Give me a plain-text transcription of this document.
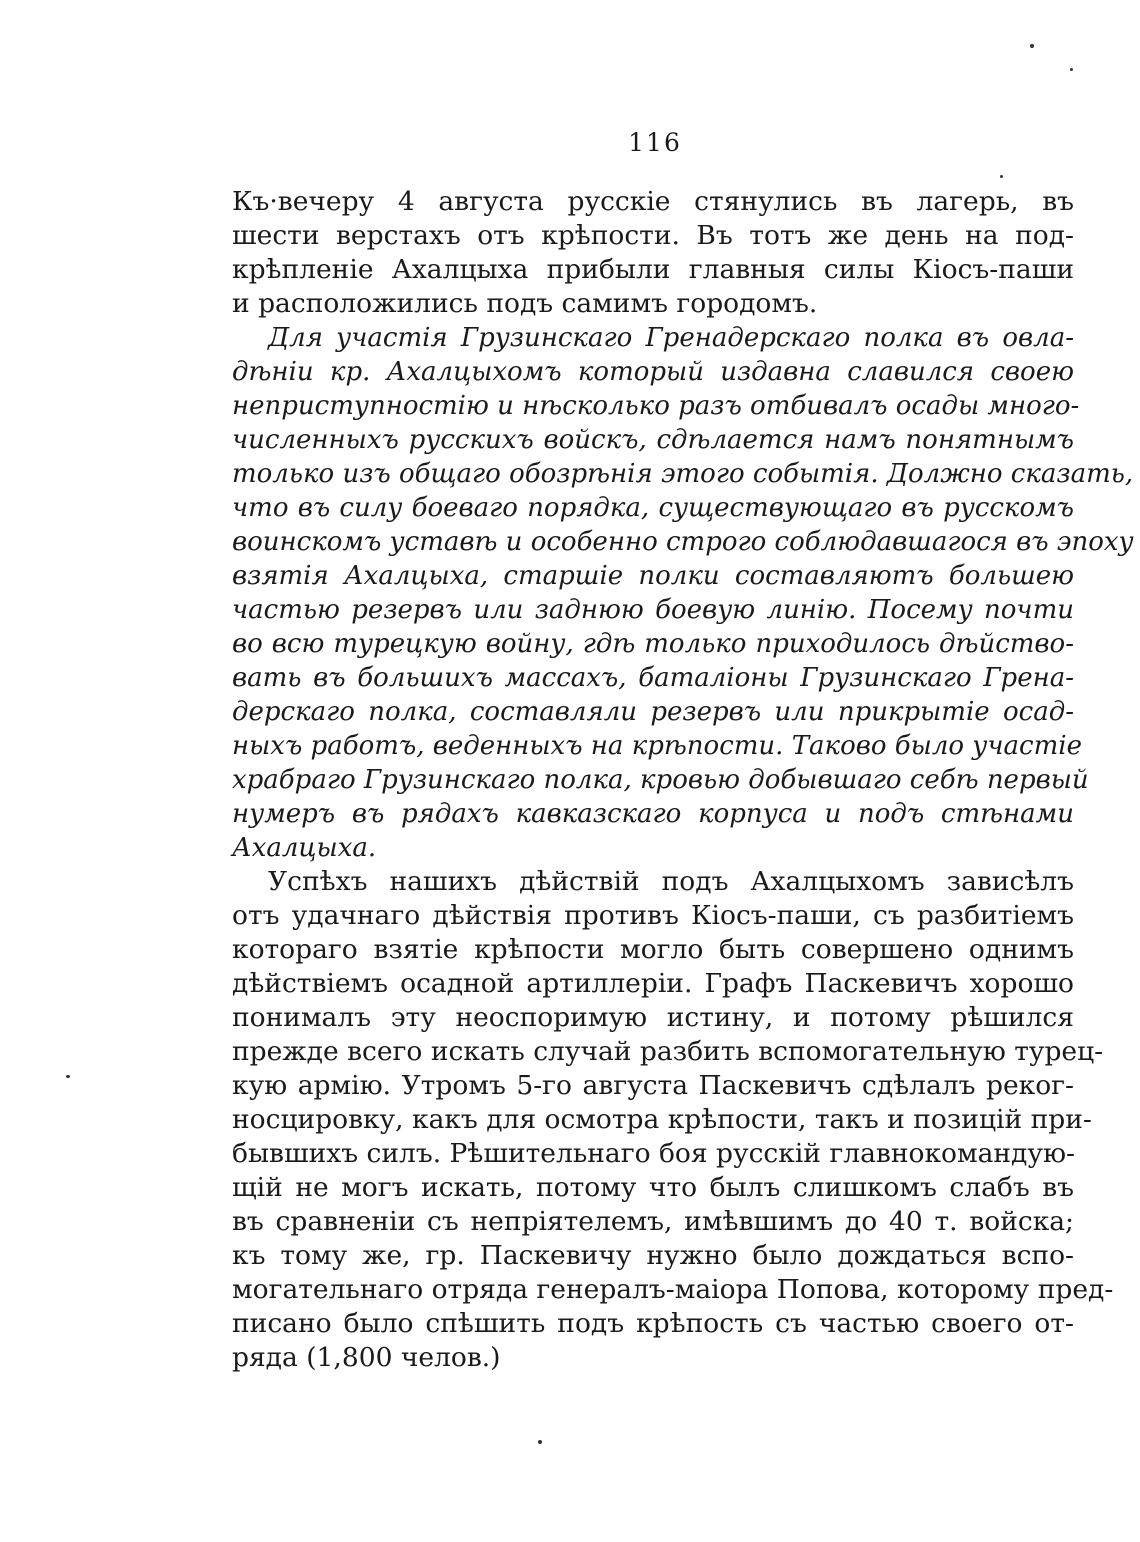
116
Къ·вечеру 4 августа русскіе стянулись въ лагерь, въ
шести верстахъ отъ крѣпости. Въ тотъ же день на под-
крѣпленіе Ахалцыха прибыли главныя силы Кіосъ-паши
и расположились подъ самимъ городомъ.
Для участія Грузинскаго Гренадерскаго полка въ овла-
дѣніи кр. Ахалцыхомъ который издавна славился своею
неприступностію и нѣсколько разъ отбивалъ осады много-
численныхъ русскихъ войскъ, сдѣлается намъ понятнымъ
только изъ общаго обозрѣнія этого событія. Должно сказать,
что въ силу боеваго порядка, существующаго въ русскомъ
воинскомъ уставѣ и особенно строго соблюдавшагося въ эпоху
взятія Ахалцыха, старшіе полки составляютъ большею
частью резервъ или заднюю боевую линію. Посему почти
во всю турецкую войну, гдѣ только приходилось дѣйство-
вать въ большихъ массахъ, баталіоны Грузинскаго Грена-
дерскаго полка, составляли резервъ или прикрытіе осад-
ныхъ работъ, веденныхъ на крѣпости. Таково было участіе
храбраго Грузинскаго полка, кровью добывшаго себѣ первый
нумеръ въ рядахъ кавказскаго корпуса и подъ стѣнами
Ахалцыха.
Успѣхъ нашихъ дѣйствій подъ Ахалцыхомъ зависѣлъ
отъ удачнаго дѣйствія противъ Кіосъ-паши, съ разбитіемъ
котораго взятіе крѣпости могло быть совершено однимъ
дѣйствіемъ осадной артиллеріи. Графъ Паскевичъ хорошо
понималъ эту неоспоримую истину, и потому рѣшился
прежде всего искать случай разбить вспомогательную турец-
кую армію. Утромъ 5-го августа Паскевичъ сдѣлалъ реког-
носцировку, какъ для осмотра крѣпости, такъ и позицій при-
бывшихъ силъ. Рѣшительнаго боя русскій главнокомандую-
щій не могъ искать, потому что былъ слишкомъ слабъ въ
въ сравненіи съ непріятелемъ, имѣвшимъ до 40 т. войска;
къ тому же, гр. Паскевичу нужно было дождаться вспо-
могательнаго отряда генералъ-маіора Попова, которому пред-
писано было спѣшить подъ крѣпость съ частью своего от-
ряда (1,800 челов.)
